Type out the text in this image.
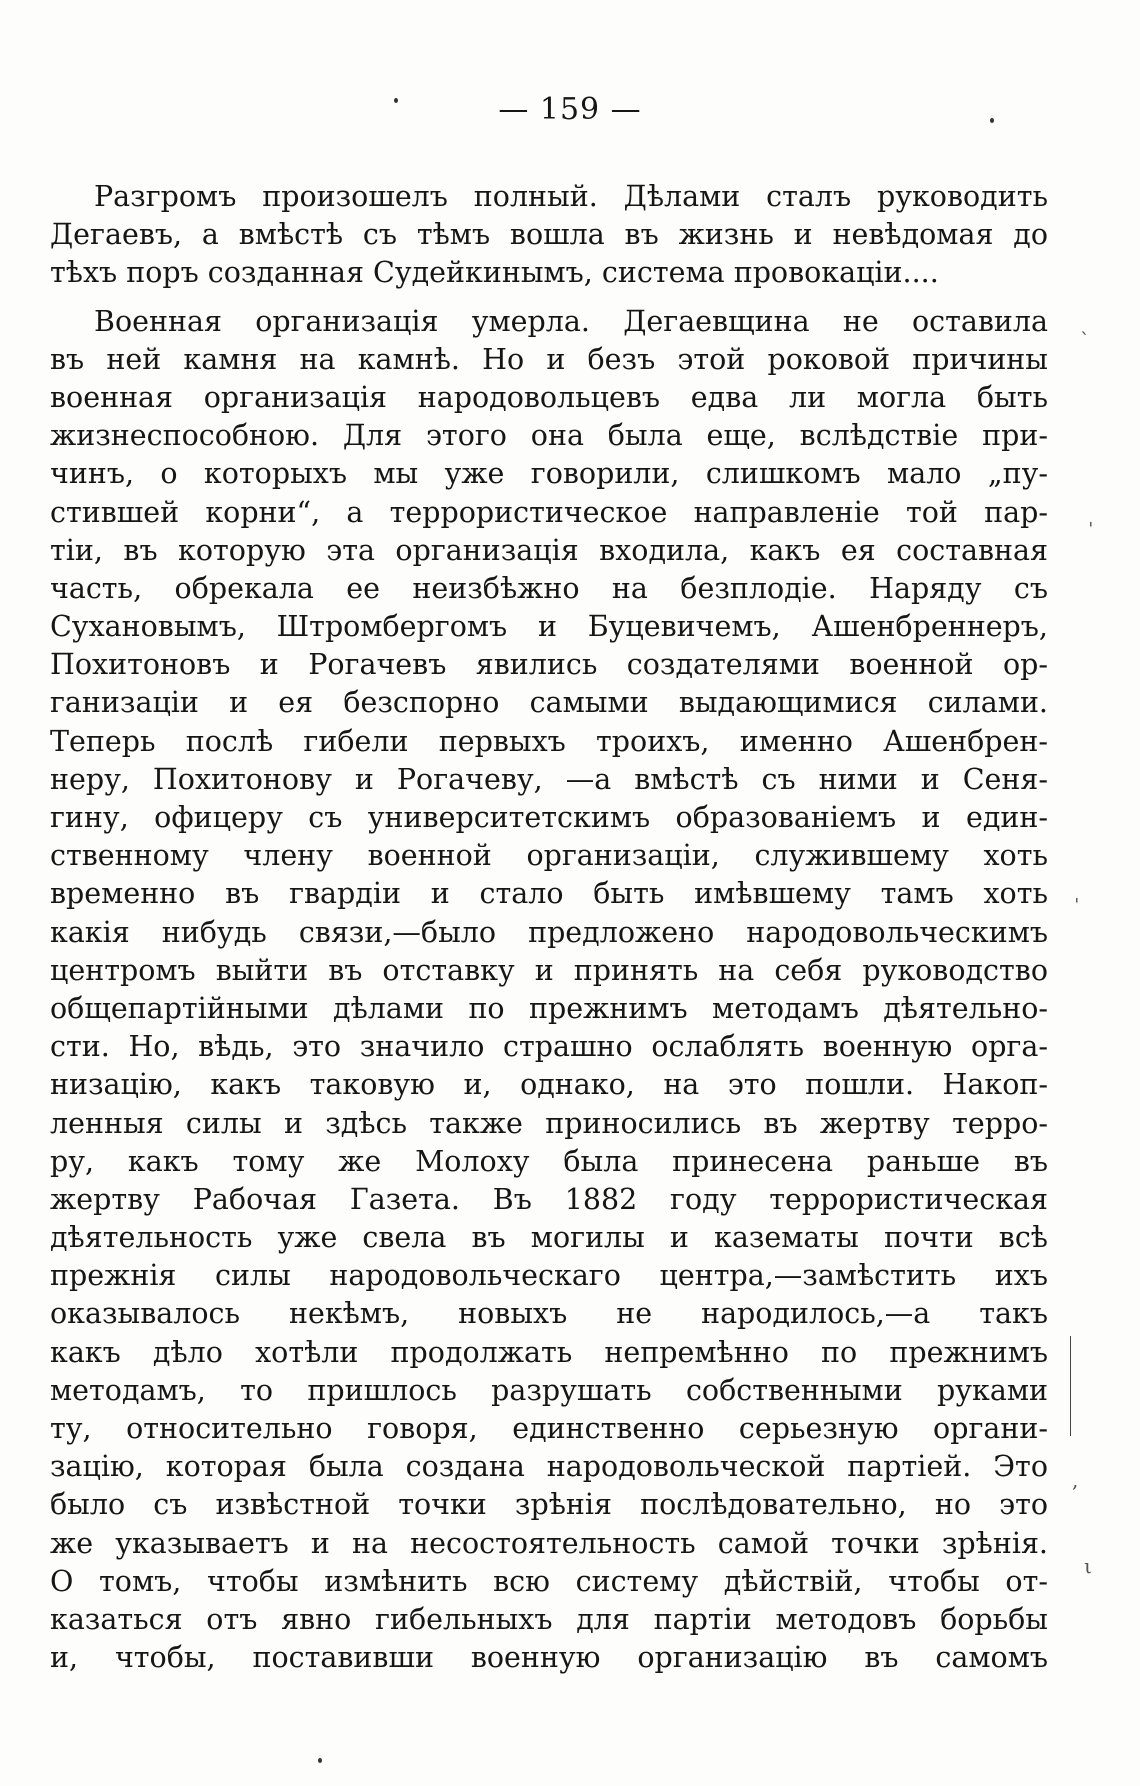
— 159 —
Разгромъ произошелъ полный. Дѣлами сталъ руководить
Дегаевъ, а вмѣстѣ съ тѣмъ вошла въ жизнь и невѣдомая до
тѣхъ поръ созданная Судейкинымъ, система провокаціи....
Военная организація умерла. Дегаевщина не оставила
въ ней камня на камнѣ. Но и безъ этой роковой причины
военная организація народовольцевъ едва ли могла быть
жизнеспособною. Для этого она была еще, вслѣдствіе при-
чинъ, о которыхъ мы уже говорили, слишкомъ мало „пу-
стившей корни“, а террористическое направленіе той пар-
тіи, въ которую эта организація входила, какъ ея составная
часть, обрекала ее неизбѣжно на безплодіе. Наряду съ
Сухановымъ, Штромбергомъ и Буцевичемъ, Ашенбреннеръ,
Похитоновъ и Рогачевъ явились создателями военной ор-
ганизаціи и ея безспорно самыми выдающимися силами.
Теперь послѣ гибели первыхъ троихъ, именно Ашенбрен-
неру, Похитонову и Рогачеву, —а вмѣстѣ съ ними и Сеня-
гину, офицеру съ университетскимъ образованіемъ и един-
ственному члену военной организаціи, служившему хоть
временно въ гвардіи и стало быть имѣвшему тамъ хоть
какія нибудь связи,—было предложено народовольческимъ
центромъ выйти въ отставку и принять на себя руководство
общепартійными дѣлами по прежнимъ методамъ дѣятельно-
сти. Но, вѣдь, это значило страшно ослаблять военную орга-
низацію, какъ таковую и, однако, на это пошли. Накоп-
ленныя силы и здѣсь также приносились въ жертву терро-
ру, какъ тому же Молоху была принесена раньше въ
жертву Рабочая Газета. Въ 1882 году террористическая
дѣятельность уже свела въ могилы и казематы почти всѣ
прежнія силы народовольческаго центра,—замѣстить ихъ
оказывалось некѣмъ, новыхъ не народилось,—а такъ
какъ дѣло хотѣли продолжать непремѣнно по прежнимъ
методамъ, то пришлось разрушать собственными руками
ту, относительно говоря, единственно серьезную органи-
зацію, которая была создана народовольческой партіей. Это
было съ извѣстной точки зрѣнія послѣдовательно, но это
же указываетъ и на несостоятельность самой точки зрѣнія.
О томъ, чтобы измѣнить всю систему дѣйствій, чтобы от-
казаться отъ явно гибельныхъ для партіи методовъ борьбы
и, чтобы, поставивши военную организацію въ самомъ
ˋ
ˈ
ˈ
,
ι
